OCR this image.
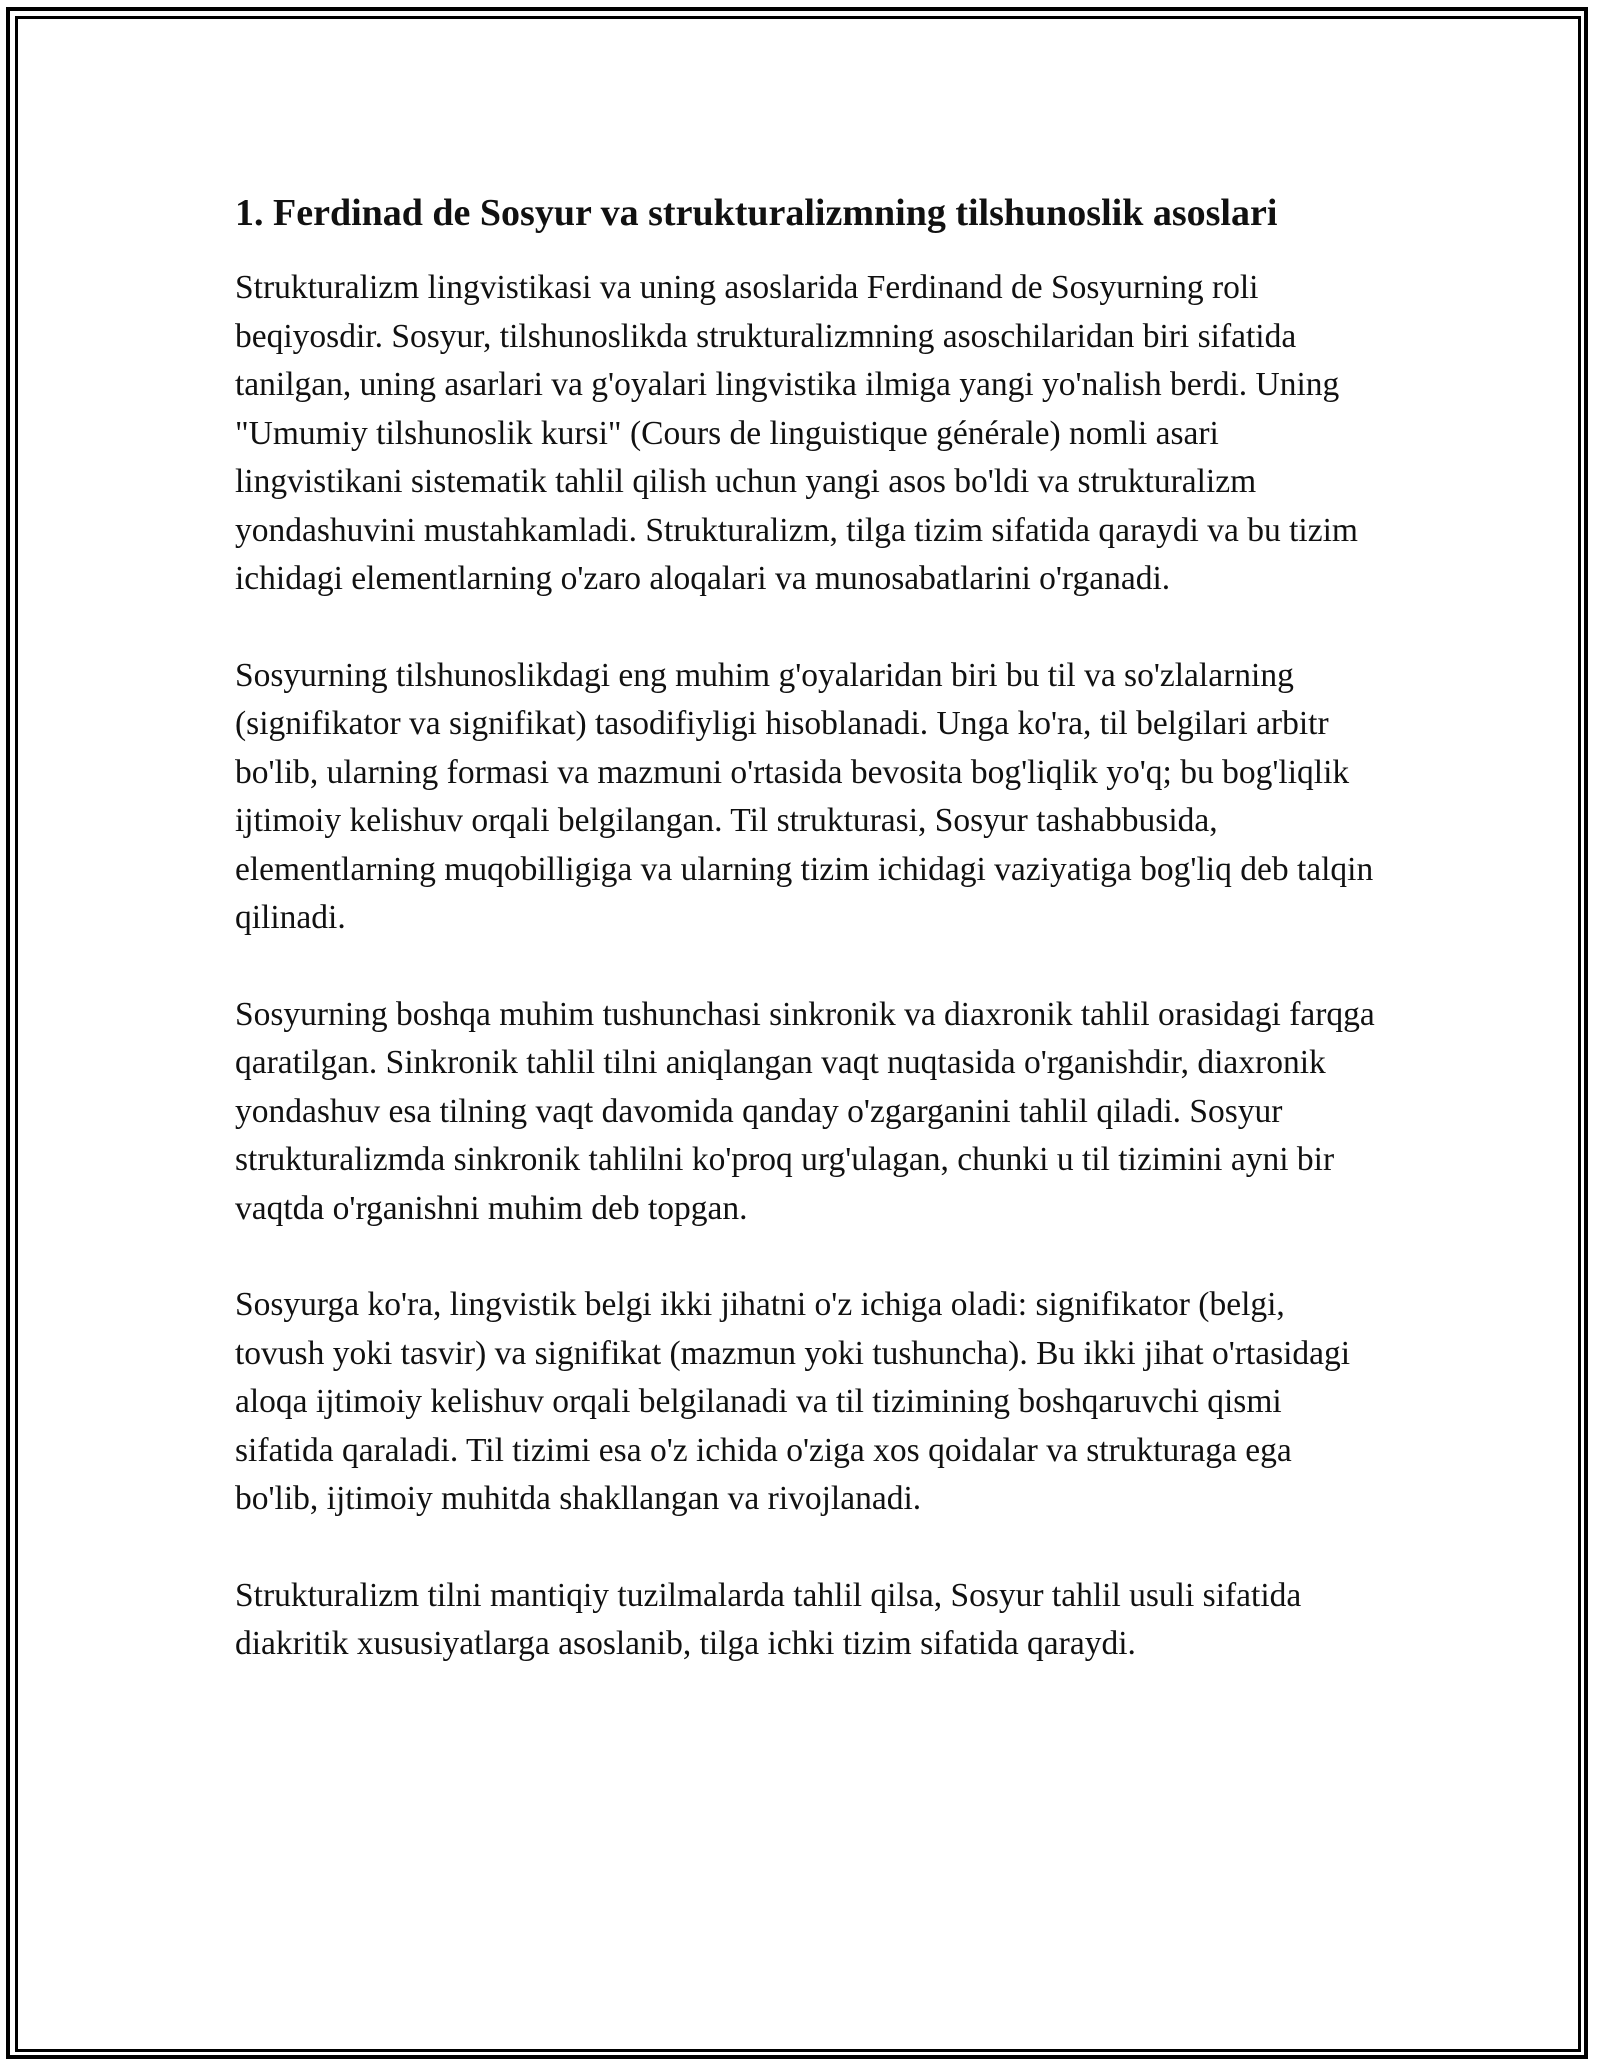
1. Ferdinad de Sosyur va strukturalizmning tilshunoslik asoslari

Strukturalizm lingvistikasi va uning asoslarida Ferdinand de Sosyurning roli beqiyosdir. Sosyur, tilshunoslikda strukturalizmning asoschilaridan biri sifatida tanilgan, uning asarlari va g'oyalari lingvistika ilmiga yangi yo'nalish berdi. Uning "Umumiy tilshunoslik kursi" (Cours de linguistique générale) nomli asari lingvistikani sistematik tahlil qilish uchun yangi asos bo'ldi va strukturalizm yondashuvini mustahkamladi. Strukturalizm, tilga tizim sifatida qaraydi va bu tizim ichidagi elementlarning o'zaro aloqalari va munosabatlarini o'rganadi.

Sosyurning tilshunoslikdagi eng muhim g'oyalaridan biri bu til va so'zlalarning (signifikator va signifikat) tasodifiyligi hisoblanadi. Unga ko'ra, til belgilari arbitr bo'lib, ularning formasi va mazmuni o'rtasida bevosita bog'liqlik yo'q; bu bog'liqlik ijtimoiy kelishuv orqali belgilangan. Til strukturasi, Sosyur tashabbusida, elementlarning muqobilligiga va ularning tizim ichidagi vaziyatiga bog'liq deb talqin qilinadi.

Sosyurning boshqa muhim tushunchasi sinkronik va diaxronik tahlil orasidagi farqga qaratilgan. Sinkronik tahlil tilni aniqlangan vaqt nuqtasida o'rganishdir, diaxronik yondashuv esa tilning vaqt davomida qanday o'zgarganini tahlil qiladi. Sosyur strukturalizmda sinkronik tahlilni ko'proq urg'ulagan, chunki u til tizimini ayni bir vaqtda o'rganishni muhim deb topgan.

Sosyurga ko'ra, lingvistik belgi ikki jihatni o'z ichiga oladi: signifikator (belgi, tovush yoki tasvir) va signifikat (mazmun yoki tushuncha). Bu ikki jihat o'rtasidagi aloqa ijtimoiy kelishuv orqali belgilanadi va til tizimining boshqaruvchi qismi sifatida qaraladi. Til tizimi esa o'z ichida o'ziga xos qoidalar va strukturaga ega bo'lib, ijtimoiy muhitda shakllangan va rivojlanadi.

Strukturalizm tilni mantiqiy tuzilmalarda tahlil qilsa, Sosyur tahlil usuli sifatida diakritik xususiyatlarga asoslanib, tilga ichki tizim sifatida qaraydi.
